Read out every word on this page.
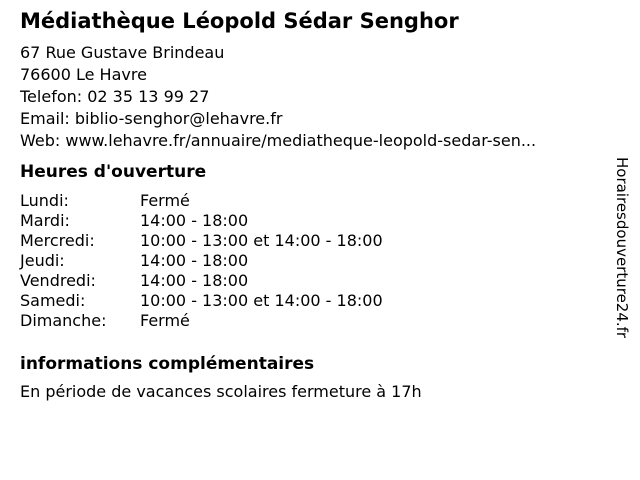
Médiathèque Léopold Sédar Senghor
67 Rue Gustave Brindeau
76600 Le Havre
Telefon: 02 35 13 99 27
Email: biblio-senghor@lehavre.fr
Web: www.lehavre.fr/annuaire/mediatheque-leopold-sedar-sen...
Heures d'ouverture
Lundi:	Fermé
Mardi:	14:00 - 18:00
Mercredi:	10:00 - 13:00 et 14:00 - 18:00
Jeudi:	14:00 - 18:00
Vendredi:	14:00 - 18:00
Samedi:	10:00 - 13:00 et 14:00 - 18:00
Dimanche: Fermé
informations complémentaires
En période de vacances scolaires fermeture à 17h
Horairesdouverture24.fr
